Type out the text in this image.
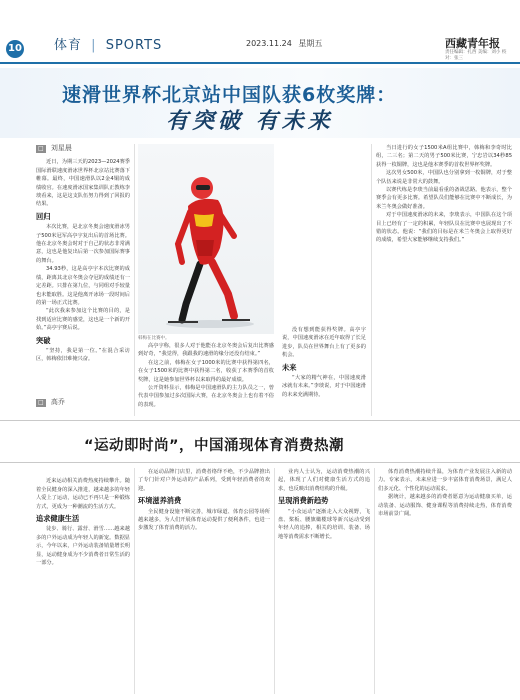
10 体育 | SPORTS	2023.11.24 星期五	西藏青年报
责任编辑：扎西 美编：刘小 校对：张三
速滑世界杯北京站中国队获6枚奖牌：
有突破 有未来
□ 刘星晨

近日，为期三天的2023—2024赛季国际滑联速度滑冰世界杯北京站比赛落下帷幕。最终，中国速滑队以2金4铜的成绩收官。在速度滑冰国家集训队正教练李琰看来，这是这支队伍努力得到了回报的结果。

回归

本次比赛，是北京冬奥会速度滑冰男子500米冠军高亭宇复出后的首场比赛。他在北京冬奥会时对于自己的状态非常满意，这也是他复出后第一次参加国际赛事的舞台。

34.93秒，这是高亭宇本次比赛的成绩，距离其北京冬奥会夺冠的成绩还有一定差距。只排在第九位，与同组对手较量也未能取胜。这是他离开冰场一段时间后的第一场正式比赛。

“此次我来参加这个比赛的目的，是找到适应比赛的感觉，这也是一个新的开始。”高亭宇赛后说。

突破

“坚持，我是第一位。”在混合采访区，韩梅依旧难掩兴奋。

韩梅在比赛中。

高亭宇称，很多人对于他能在北京冬奥会后复出比赛感到好奇，“我觉得，我跟我的速滑的缘分还没有结束。”

在这之前，韩梅在女子1000米的比赛中获得第四名，在女子1500米的比赛中获得第二名，收获了本赛季的首枚奖牌，这是她参加世界杯以来取得的最好成绩。

公开资料显示，韩梅是中国速滑队的主力队员之一，曾代表中国参加过多次国际大赛，在北京冬奥会上也有着不俗的表现。

没有想到能获得奖牌。高亭宇说，中国速度滑冰在近年取得了长足进步，队员在世界舞台上有了更多的机会。

未来

“大家的精气神在，中国速度滑冰就有未来。”李琰说，对于中国速滑的未来充满期待。

当日进行的女子1500米A组比赛中，韩梅和李奇时比组，二三名；第二天的男子500米比赛，宁忠岩以34秒85获得一枚铜牌，这也是他本赛季的首枚世界杯奖牌。

这次男女500米，中国队也分别拿到一枚铜牌，对于整个队伍来说是非常大的鼓舞。

以赛代练是李琰当前最看重的备战思路。他表示，整个赛季会有更多比赛。希望队员们能够在比赛中不断成长，为米兰冬奥会做好准备。

对于中国速度滑冰的未来，李琰表示，中国队在这个项目上已经有了一定的积累，年轻队员在比赛中也展现出了不错的状态。他说：“我们的目标是在米兰冬奥会上取得更好的成绩，希望大家能够继续支持我们。”

“运动即时尚”，中国涌现体育消费热潮
□ 高乔

近来运动相关消费热度持续攀升。随着全民健身的深入推进，越来越多的年轻人爱上了运动，运动已不再只是一种锻炼方式，更成为一种潮流的生活方式。

追求健康生活

徒步、骑行、露营、滑雪……越来越多的户外运动成为年轻人的新宠。数据显示，今年以来，户外运动装备销量增长明显，运动健身成为不少消费者日常生活的一部分。

在运动品牌门店里，消费者络绎不绝，不少品牌推出了专门针对户外运动的产品系列，受到年轻消费者的欢迎。

环境滋养消费

全民健身设施不断完善，城市绿道、体育公园等场所越来越多，为人们开展体育运动提供了便利条件，也进一步激发了体育消费的活力。

业内人士认为，运动消费热潮的兴起，体现了人们对健康生活方式的追求，也反映出消费结构的升级。

呈现消费新趋势

“小众运动”逐渐走入大众视野，飞盘、桨板、腰旗橄榄球等新兴运动受到年轻人的追捧，相关的培训、装备、场地等消费需求不断增长。

体育消费热潮持续升温，为体育产业发展注入新的动力。专家表示，未来应进一步丰富体育消费场景，满足人们多元化、个性化的运动需求。

据统计，越来越多的消费者愿意为运动健康买单，运动装备、运动服饰、健身课程等消费持续走热，体育消费市场前景广阔。
